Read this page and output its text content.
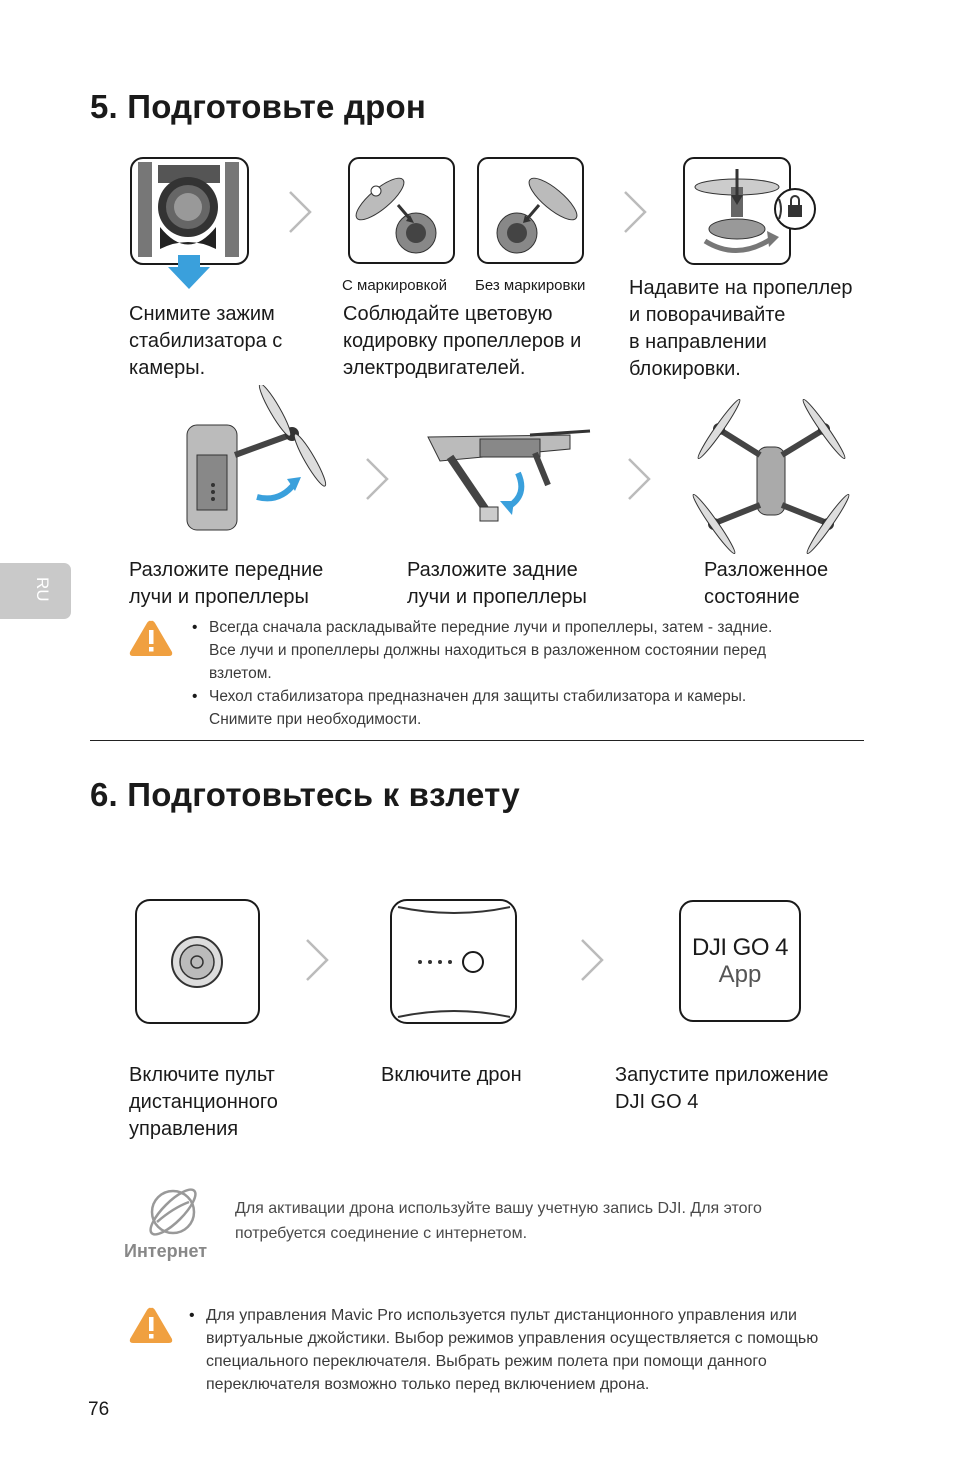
5. Подготовьте дрон
С маркировкой Без маркировки
Снимите зажим
стабилизатора с
камеры.
Соблюдайте цветовую
кодировку пропеллеров и
электродвигателей.
Надавите на пропеллер
и поворачивайте
в направлении
блокировки.
Разложите передние
лучи и пропеллеры
Разложите задние
лучи и пропеллеры
Разложенное
состояние
RU
• Всегда сначала раскладывайте передние лучи и пропеллеры, затем - задние.
Все лучи и пропеллеры должны находиться в разложенном состоянии перед
взлетом.
• Чехол стабилизатора предназначен для защиты стабилизатора и камеры.
Снимите при необходимости.
6. Подготовьтесь к взлету
DJI GO 4
App
Включите пульт
дистанционного
управления
Включите дрон	Запустите приложение
DJI GO 4
Интернет
Для активации дрона используйте вашу учетную запись DJI. Для этого
потребуется соединение с интернетом.
• Для управления Mavic Pro используется пульт дистанционного управления или
виртуальные джойстики. Выбор режимов управления осуществляется с помощью
специального переключателя. Выбрать режим полета при помощи данного
переключателя возможно только перед включением дрона.
76
